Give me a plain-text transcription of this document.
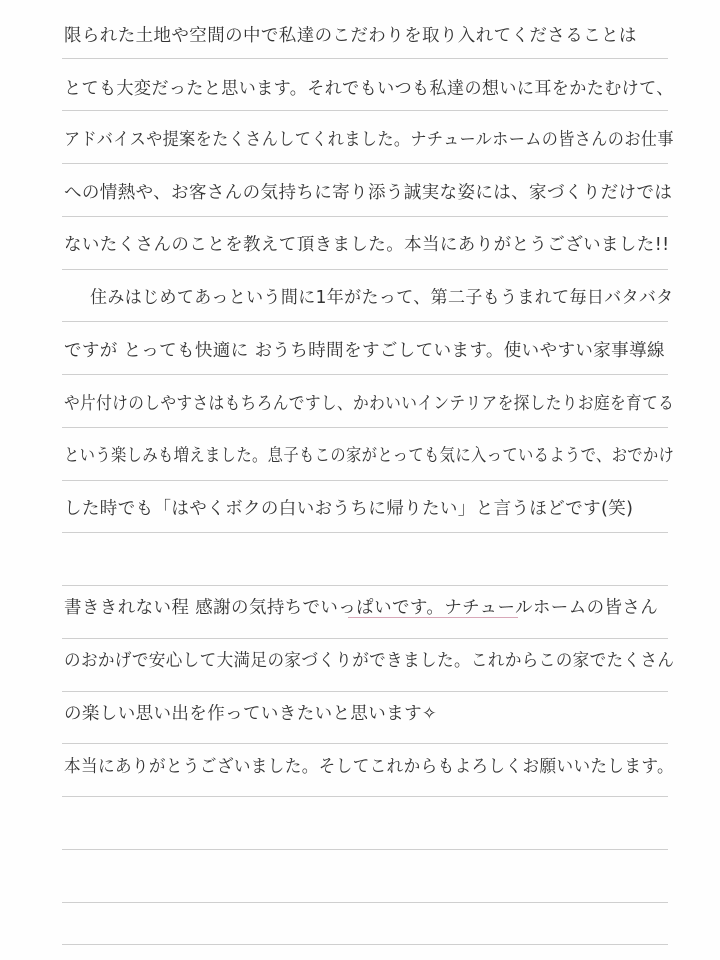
限られた土地や空間の中で私達のこだわりを取り入れてくださることは
とても大変だったと思います。それでもいつも私達の想いに耳をかたむけて、
アドバイスや提案をたくさんしてくれました。ナチュールホームの皆さんのお仕事
への情熱や、お客さんの気持ちに寄り添う誠実な姿には、家づくりだけでは
ないたくさんのことを教えて頂きました。本当にありがとうございました!!
住みはじめてあっという間に1年がたって、第二子もうまれて毎日バタバタ
ですが とっても快適に おうち時間をすごしています。使いやすい家事導線
や片付けのしやすさはもちろんですし、かわいいインテリアを探したりお庭を育てる
という楽しみも増えました。息子もこの家がとっても気に入っているようで、おでかけ
した時でも「はやくボクの白いおうちに帰りたい」と言うほどです(笑)
書ききれない程 感謝の気持ちでいっぱいです。ナチュールホームの皆さん
のおかげで安心して大満足の家づくりができました。これからこの家でたくさん
の楽しい思い出を作っていきたいと思います✧
本当にありがとうございました。そしてこれからもよろしくお願いいたします。
